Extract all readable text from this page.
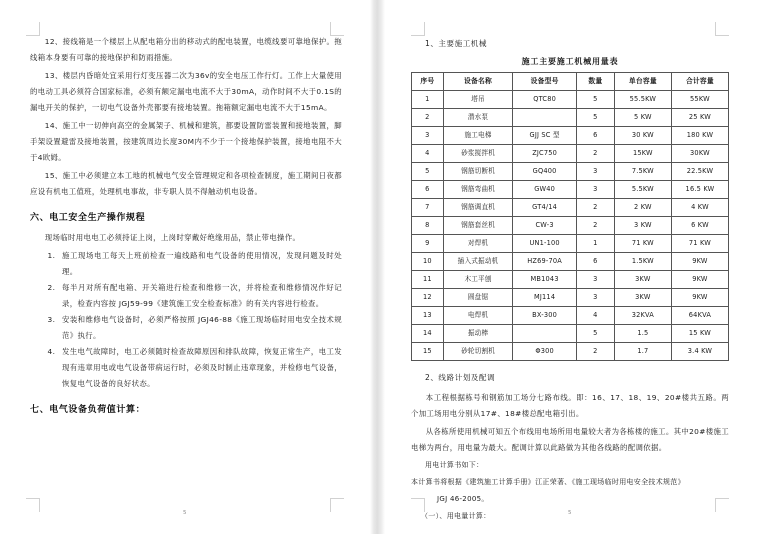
12、接线箱是一个楼层上从配电箱分出的移动式的配电装置，电缆线要可靠地保护。拖线箱本身要有可靠的接地保护和防雨措施。

13、楼层内昏暗处宜采用行灯变压器二次为36v的安全电压工作行灯。工作上大量使用的电动工具必须符合国家标准，必须有额定漏电电流不大于30mA，动作时间不大于0.1S的漏电开关的保护，一切电气设备外壳都要有接地装置。拖箱额定漏电电流不大于15mA。

14、施工中一切伸向高空的金属架子、机械和建筑，都要设置防雷装置和接地装置，脚手架设置避雷及接地装置，按建筑周边长度30M内不少于一个接地保护装置，接地电阻不大于4欧姆。

15、施工中必须建立本工地的机械电气安全管理规定和各项检查制度，施工期间日夜都应设有机电工值班，处理机电事故，非专职人员不得触动机电设备。

六、电工安全生产操作规程

现场临时用电电工必须持证上岗，上岗时穿戴好绝缘用品，禁止带电操作。

1. 施工现场电工每天上班前检查一遍线路和电气设备的使用情况，发现问题及时处理。
2. 每半月对所有配电箱、开关箱进行检查和维修一次，并将检查和维修情况作好记录，检查内容按 JGJ59-99《建筑施工安全检查标准》的有关内容进行检查。
3. 安装和维修电气设备时，必须严格按照 JGJ46-88《施工现场临时用电安全技术规范》执行。
4. 发生电气故障时，电工必须随时检查故障原因和排队故障，恢复正常生产，电工发现有违章用电或电气设备带病运行时，必须及时制止违章现象，并检修电气设备，恢复电气设备的良好状态。
七、电气设备负荷值计算：
5

1、主要施工机械

施工主要施工机械用量表

序号	设备名称	设备型号	数量	单台容量	合计容量
1	塔吊	QTC80	5	55.5KW	55KW
2	潜水泵		5	5 KW	25 KW
3	施工电梯	GJJ SC 型	6	30 KW	180 KW
4	砂浆搅拌机	ZJC750	2	15KW	30KW
5	钢筋切断机	GQ400	3	7.5KW	22.5KW
6	钢筋弯曲机	GW40	3	5.5KW	16.5 KW
7	钢筋调直机	GT4/14	2	2 KW	4 KW
8	钢筋套丝机	CW-3	2	3 KW	6 KW
9	对焊机	UN1-100	1	71 KW	71 KW
10	插入式振动机	HZ69-70A	6	1.5KW	9KW
11	木工平刨	MB1043	3	3KW	9KW
12	圆盘锯	MJ114	3	3KW	9KW
13	电焊机	BX-300	4	32KVA	64KVA
14	振动棒		5	1.5	15 KW
15	砂轮切割机	Φ300	2	1.7	3.4 KW

2、线路计划及配调

本工程根据栋号和钢筋加工场分七路布线。即：16、17、18、19、20#楼共五路。两个加工场用电分别从17#、18#楼总配电箱引出。

从各栋所使用机械可知五个布线用电场所用电量较大者为各栋楼的施工。其中20#楼施工电梯为两台，用电量为最大。配调计算以此路做为其他各线路的配调依据。

用电计算书如下：

本计算书将根据《建筑施工计算手册》江正荣著、《施工现场临时用电安全技术规范》

JGJ 46-2005。

（一）、用电量计算：	5
